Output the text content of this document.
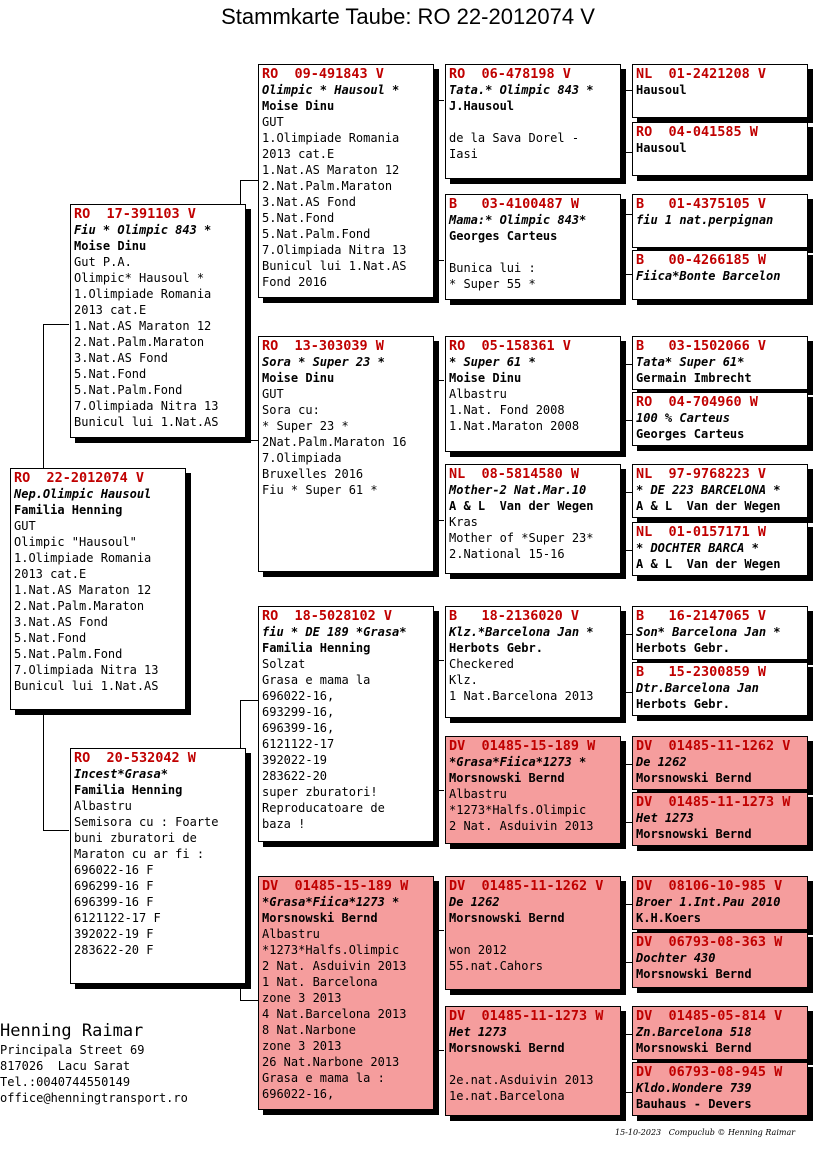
Stammkarte Taube: RO 22-2012074 V
RO  22-2012074 V
Nep.Olimpic Hausoul
Familia Henning
GUT
Olimpic "Hausoul"
1.Olimpiade Romania
2013 cat.E
1.Nat.AS Maraton 12
2.Nat.Palm.Maraton
3.Nat.AS Fond
5.Nat.Fond
5.Nat.Palm.Fond
7.Olimpiada Nitra 13
Bunicul lui 1.Nat.AS
RO  17-391103 V
Fiu * Olimpic 843 *
Moise Dinu
Gut P.A.
Olimpic* Hausoul *
1.Olimpiade Romania
2013 cat.E
1.Nat.AS Maraton 12
2.Nat.Palm.Maraton
3.Nat.AS Fond
5.Nat.Fond
5.Nat.Palm.Fond
7.Olimpiada Nitra 13
Bunicul lui 1.Nat.AS
RO  20-532042 W
Incest*Grasa*
Familia Henning
Albastru
Semisora cu : Foarte
buni zburatori de
Maraton cu ar fi :
696022-16 F
696299-16 F
696399-16 F
6121122-17 F
392022-19 F
283622-20 F
RO  09-491843 V
Olimpic * Hausoul *
Moise Dinu
GUT
1.Olimpiade Romania
2013 cat.E
1.Nat.AS Maraton 12
2.Nat.Palm.Maraton
3.Nat.AS Fond
5.Nat.Fond
5.Nat.Palm.Fond
7.Olimpiada Nitra 13
Bunicul lui 1.Nat.AS
Fond 2016
RO  13-303039 W
Sora * Super 23 *
Moise Dinu
GUT
Sora cu:
* Super 23 *
2Nat.Palm.Maraton 16
7.Olimpiada
Bruxelles 2016
Fiu * Super 61 *
RO  18-5028102 V
fiu * DE 189 *Grasa*
Familia Henning
Solzat
Grasa e mama la
696022-16,
693299-16,
696399-16,
6121122-17
392022-19
283622-20
super zburatori!
Reproducatoare de
baza !
DV  01485-15-189 W
*Grasa*Fiica*1273 *
Morsnowski Bernd
Albastru
*1273*Halfs.Olimpic
2 Nat. Asduivin 2013
1 Nat. Barcelona
zone 3 2013
4 Nat.Barcelona 2013
8 Nat.Narbone
zone 3 2013
26 Nat.Narbone 2013
Grasa e mama la :
696022-16,
RO  06-478198 V
Tata.* Olimpic 843 *
J.Hausoul

de la Sava Dorel -
Iasi
B   03-4100487 W
Mama:* Olimpic 843*
Georges Carteus

Bunica lui :
* Super 55 *
RO  05-158361 V
* Super 61 *
Moise Dinu
Albastru
1.Nat. Fond 2008
1.Nat.Maraton 2008
NL  08-5814580 W
Mother-2 Nat.Mar.10
A & L  Van der Wegen
Kras
Mother of *Super 23*
2.National 15-16
B   18-2136020 V
Klz.*Barcelona Jan *
Herbots Gebr.
Checkered
Klz.
1 Nat.Barcelona 2013
DV  01485-15-189 W
*Grasa*Fiica*1273 *
Morsnowski Bernd
Albastru
*1273*Halfs.Olimpic
2 Nat. Asduivin 2013
DV  01485-11-1262 V
De 1262
Morsnowski Bernd

won 2012
55.nat.Cahors
DV  01485-11-1273 W
Het 1273
Morsnowski Bernd

2e.nat.Asduivin 2013
1e.nat.Barcelona
NL  01-2421208 V
Hausoul
RO  04-041585 W
Hausoul
B   01-4375105 V
fiu 1 nat.perpignan
B   00-4266185 W
Fiica*Bonte Barcelon
B   03-1502066 V
Tata* Super 61*
Germain Imbrecht
RO  04-704960 W
100 % Carteus
Georges Carteus
NL  97-9768223 V
* DE 223 BARCELONA *
A & L  Van der Wegen
NL  01-0157171 W
* DOCHTER BARCA *
A & L  Van der Wegen
B   16-2147065 V
Son* Barcelona Jan *
Herbots Gebr.
B   15-2300859 W
Dtr.Barcelona Jan
Herbots Gebr.
DV  01485-11-1262 V
De 1262
Morsnowski Bernd
DV  01485-11-1273 W
Het 1273
Morsnowski Bernd
DV  08106-10-985 V
Broer 1.Int.Pau 2010
K.H.Koers
DV  06793-08-363 W
Dochter 430
Morsnowski Bernd
DV  01485-05-814 V
Zn.Barcelona 518
Morsnowski Bernd
DV  06793-08-945 W
Kldo.Wondere 739
Bauhaus - Devers
Henning Raimar
Principala Street 69
817026  Lacu Sarat
Tel.:0040744550149
office@henningtransport.ro
15-10-2023   Compuclub © Henning Raimar
